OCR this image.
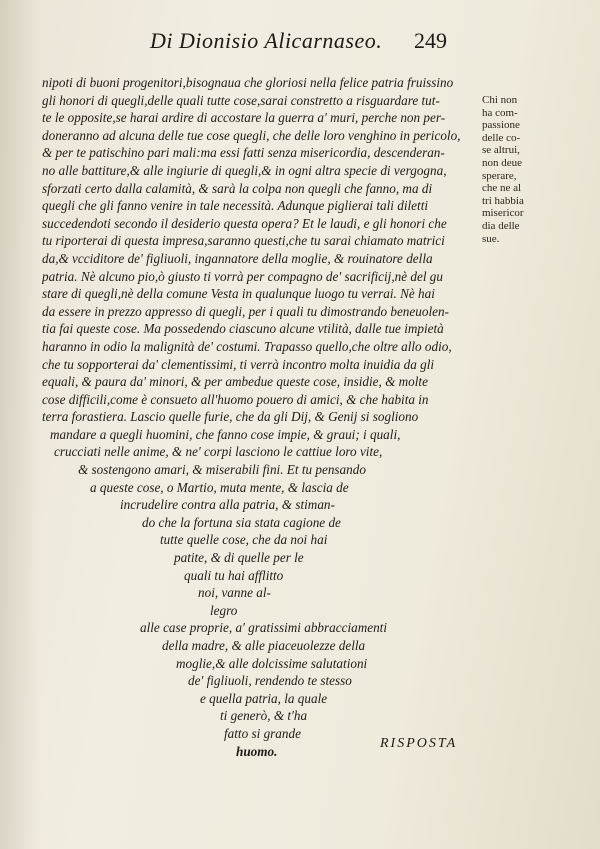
Di Dionisio Alicarnaseo.	249
nipoti di buoni progenitori,bisognaua che gloriosi nella felice patria fruissino
gli honori di quegli,delle quali tutte cose,sarai constretto a risguardare tut-
te le opposite,se harai ardire di accostare la guerra a' muri, perche non per-
doneranno ad alcuna delle tue cose quegli, che delle loro venghino in pericolo,
& per te patischino pari mali:ma essi fatti senza misericordia, descenderan-
no alle battiture,& alle ingiurie di quegli,& in ogni altra specie di vergogna,
sforzati certo dalla calamità, & sarà la colpa non quegli che fanno, ma di
quegli che gli fanno venire in tale necessità. Adunque piglierai tali diletti
succedendoti secondo il desiderio questa opera? Et le laudi, e gli honori che
tu riporterai di questa impresa,saranno questi,che tu sarai chiamato matrici
da,& vcciditore de' figliuoli, ingannatore della moglie, & rouinatore della
patria. Nè alcuno pio,ò giusto ti vorrà per compagno de' sacrificij,nè del gu
stare di quegli,nè della comune Vesta in qualunque luogo tu verrai. Nè hai
da essere in prezzo appresso di quegli, per i quali tu dimostrando beneuolen-
tia fai queste cose. Ma possedendo ciascuno alcune vtilità, dalle tue impietà
haranno in odio la malignità de' costumi. Trapasso quello,che oltre allo odio,
che tu sopporterai da' clementissimi, ti verrà incontro molta inuidia da gli
equali, & paura da' minori, & per ambedue queste cose, insidie, & molte
cose difficili,come è consueto all'huomo pouero di amici, & che habita in
terra forastiera. Lascio quelle furie, che da gli Dij, & Genij si sogliono
mandare a quegli huomini, che fanno cose impie, & graui; i quali,
crucciati nelle anime, & ne' corpi lasciono le cattiue loro vite,
& sostengono amari, & miserabili fini. Et tu pensando
a queste cose, o Martio, muta mente, & lascia de
incrudelire contra alla patria, & stiman-
do che la fortuna sia stata cagione de
tutte quelle cose, che da noi hai
patite, & di quelle per le
quali tu hai afflitto
noi, vanne al-
legro
alle case proprie, a' gratissimi abbracciamenti
della madre, & alle piaceuolezze della
moglie,& alle dolcissime salutationi
de' figliuoli, rendendo te stesso
e quella patria, la quale
ti generò, & t'ha
fatto si grande
huomo.
Chi non
ha com-
passione
delle co-
se altrui,
non deue
sperare,
che ne al
tri habbia
misericor
dia delle
sue.
RISPOSTA
